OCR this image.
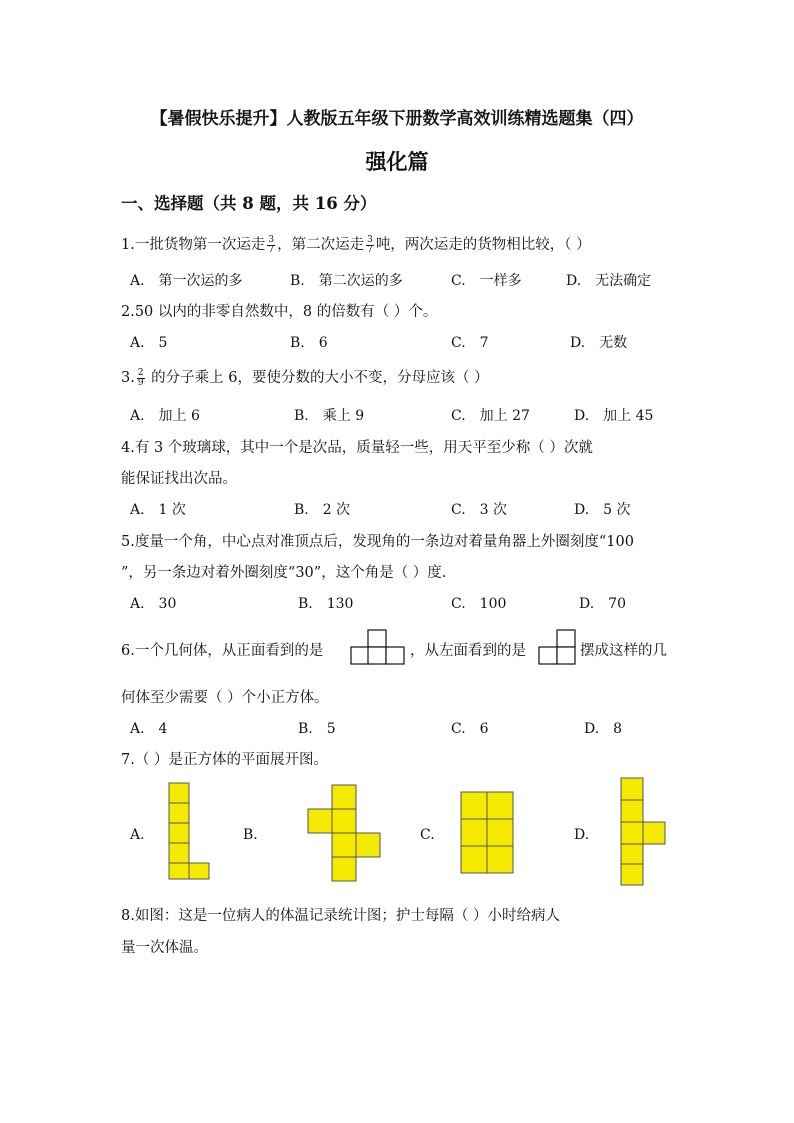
【暑假快乐提升】人教版五年级下册数学高效训练精选题集（四）
强化篇
一、选择题（共 8 题，共 16 分）
1.一批货物第一次运走 $\frac{3}{7}$ ，第二次运走 $\frac{3}{7}$ 吨，两次运走的货物相比较，（ ）
A.　第一次运的多	B.　第二次运的多	C.　一样多	D.　无法确定
2.50 以内的非零自然数中，8 的倍数有（ ）个。
A.　5	B.　6	C.　7	D.　无数
3. $\frac{2}{9}$ 的分子乘上 6，要使分数的大小不变，分母应该（ ）
A.　加上 6	B.　乘上 9	C.　加上 27	D.　加上 45
4.有 3 个玻璃球，其中一个是次品，质量轻一些，用天平至少称（ ）次就
能保证找出次品。
A.　1 次	B.　2 次	C.　3 次	D.　5 次
5.度量一个角，中心点对准顶点后，发现角的一条边对着量角器上外圈刻度“100
”，另一条边对着外圈刻度“30”，这个角是（ ）度.
A.　30	B.　130	C.　100	D.　70
6.一个几何体，从正面看到的是	，从左面看到的是	摆成这样的几
何体至少需要（ ）个小正方体。
A.　4	B.　5	C.　6	D.　8
7.（ ）是正方体的平面展开图。
A.	B.	C.	D.
8.如图：这是一位病人的体温记录统计图；护士每隔（ ）小时给病人
量一次体温。
